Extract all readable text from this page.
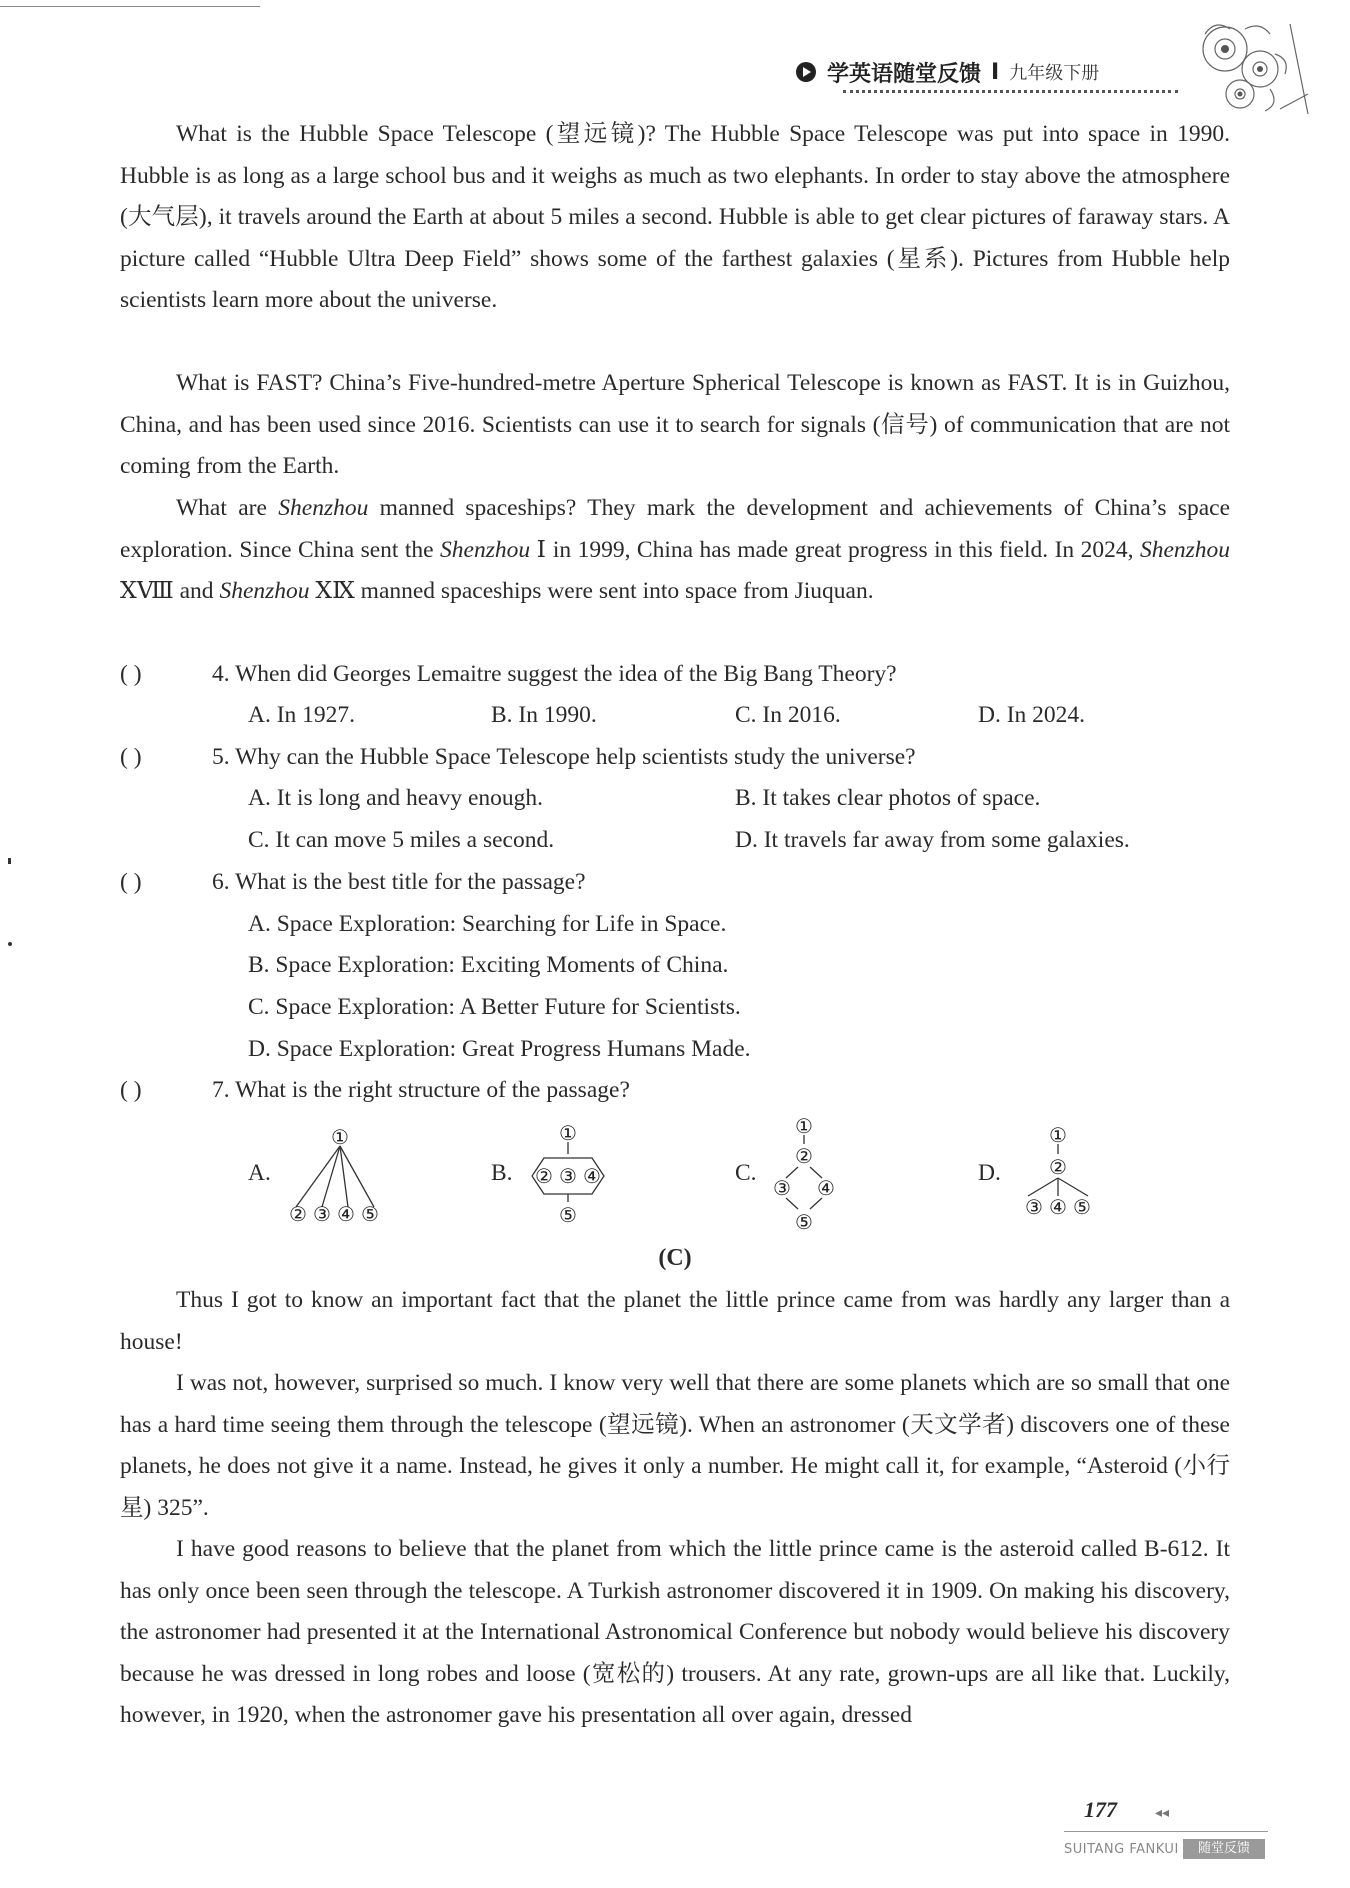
学英语随堂反馈 Ⅰ 九年级下册

What is the Hubble Space Telescope (望远镜)? The Hubble Space Telescope was put into space in 1990. Hubble is as long as a large school bus and it weighs as much as two elephants. In order to stay above the atmosphere (大气层), it travels around the Earth at about 5 miles a second. Hubble is able to get clear pictures of faraway stars. A picture called “Hubble Ultra Deep Field” shows some of the farthest galaxies (星系). Pictures from Hubble help scientists learn more about the universe.

What is FAST? China’s Five-hundred-metre Aperture Spherical Telescope is known as FAST. It is in Guizhou, China, and has been used since 2016. Scientists can use it to search for signals (信号) of communication that are not coming from the Earth.

What are Shenzhou manned spaceships? They mark the development and achievements of China’s space exploration. Since China sent the Shenzhou Ⅰ in 1999, China has made great progress in this field. In 2024, Shenzhou ⅩⅧ and Shenzhou ⅩⅨ manned spaceships were sent into space from Jiuquan.

( )	4. When did Georges Lemaitre suggest the idea of the Big Bang Theory?
A. In 1927.	B. In 1990.	C. In 2016.	D. In 2024.
( )	5. Why can the Hubble Space Telescope help scientists study the universe?
A. It is long and heavy enough.	B. It takes clear photos of space.
C. It can move 5 miles a second.	D. It travels far away from some galaxies.
( )	6. What is the best title for the passage?
A. Space Exploration: Searching for Life in Space.
B. Space Exploration: Exciting Moments of China.
C. Space Exploration: A Better Future for Scientists.
D. Space Exploration: Great Progress Humans Made.
( )	7. What is the right structure of the passage?
A.
①
② ③ ④ ⑤
B.
①
② ③ ④
⑤
C.
①
②
③ ④
⑤
D.
①
②
③ ④ ⑤
(C)

Thus I got to know an important fact that the planet the little prince came from was hardly any larger than a house!

I was not, however, surprised so much. I know very well that there are some planets which are so small that one has a hard time seeing them through the telescope (望远镜). When an astronomer (天文学者) discovers one of these planets, he does not give it a name. Instead, he gives it only a number. He might call it, for example, “Asteroid (小行星) 325”.

I have good reasons to believe that the planet from which the little prince came is the asteroid called B-612. It has only once been seen through the telescope. A Turkish astronomer discovered it in 1909. On making his discovery, the astronomer had presented it at the International Astronomical Conference but nobody would believe his discovery because he was dressed in long robes and loose (宽松的) trousers. At any rate, grown-ups are all like that. Luckily, however, in 1920, when the astronomer gave his presentation all over again, dressed

177	◂◂
SUITANG FANKUI	随堂反馈
